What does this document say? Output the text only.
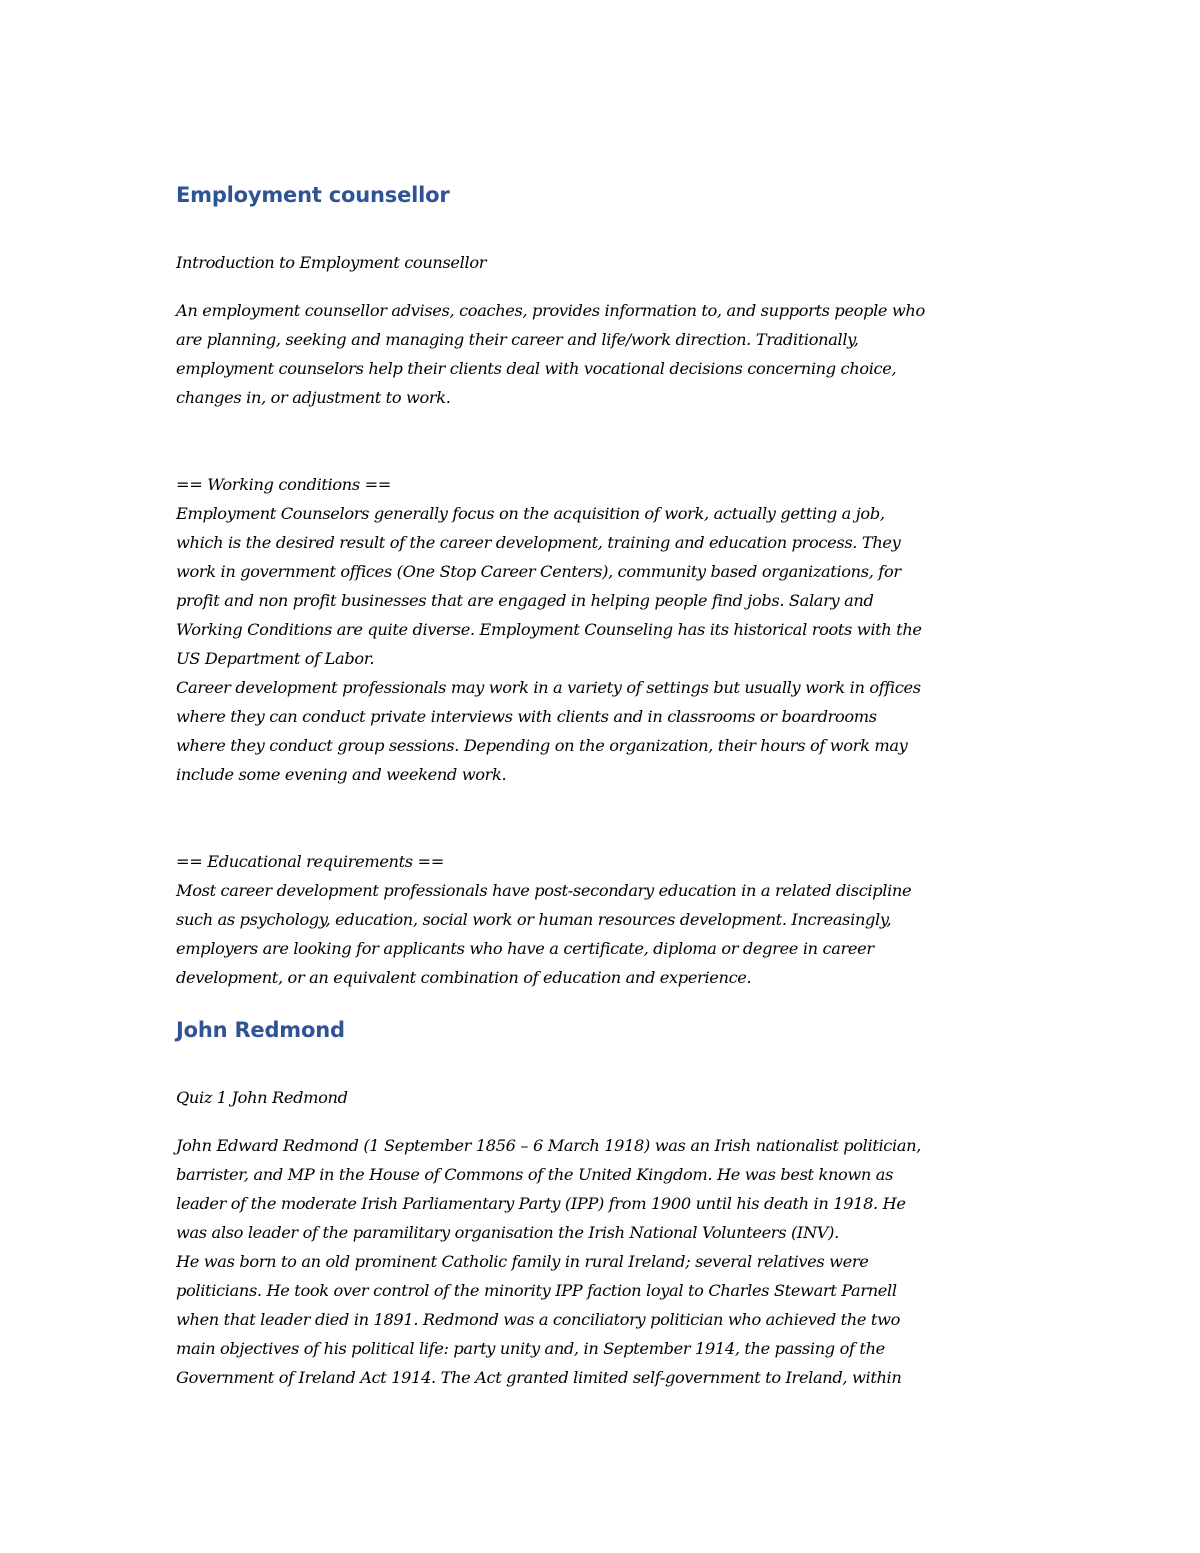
Employment counsellor

Introduction to Employment counsellor

An employment counsellor advises, coaches, provides information to, and supports people who
are planning, seeking and managing their career and life/work direction. Traditionally,
employment counselors help their clients deal with vocational decisions concerning choice,
changes in, or adjustment to work.

== Working conditions ==
Employment Counselors generally focus on the acquisition of work, actually getting a job,
which is the desired result of the career development, training and education process. They
work in government offices (One Stop Career Centers), community based organizations, for
profit and non profit businesses that are engaged in helping people find jobs. Salary and
Working Conditions are quite diverse. Employment Counseling has its historical roots with the
US Department of Labor.
Career development professionals may work in a variety of settings but usually work in offices
where they can conduct private interviews with clients and in classrooms or boardrooms
where they conduct group sessions. Depending on the organization, their hours of work may
include some evening and weekend work.

== Educational requirements ==
Most career development professionals have post-secondary education in a related discipline
such as psychology, education, social work or human resources development. Increasingly,
employers are looking for applicants who have a certificate, diploma or degree in career
development, or an equivalent combination of education and experience.

John Redmond

Quiz 1 John Redmond

John Edward Redmond (1 September 1856 – 6 March 1918) was an Irish nationalist politician,
barrister, and MP in the House of Commons of the United Kingdom. He was best known as
leader of the moderate Irish Parliamentary Party (IPP) from 1900 until his death in 1918. He
was also leader of the paramilitary organisation the Irish National Volunteers (INV).
He was born to an old prominent Catholic family in rural Ireland; several relatives were
politicians. He took over control of the minority IPP faction loyal to Charles Stewart Parnell
when that leader died in 1891. Redmond was a conciliatory politician who achieved the two
main objectives of his political life: party unity and, in September 1914, the passing of the
Government of Ireland Act 1914. The Act granted limited self-government to Ireland, within
